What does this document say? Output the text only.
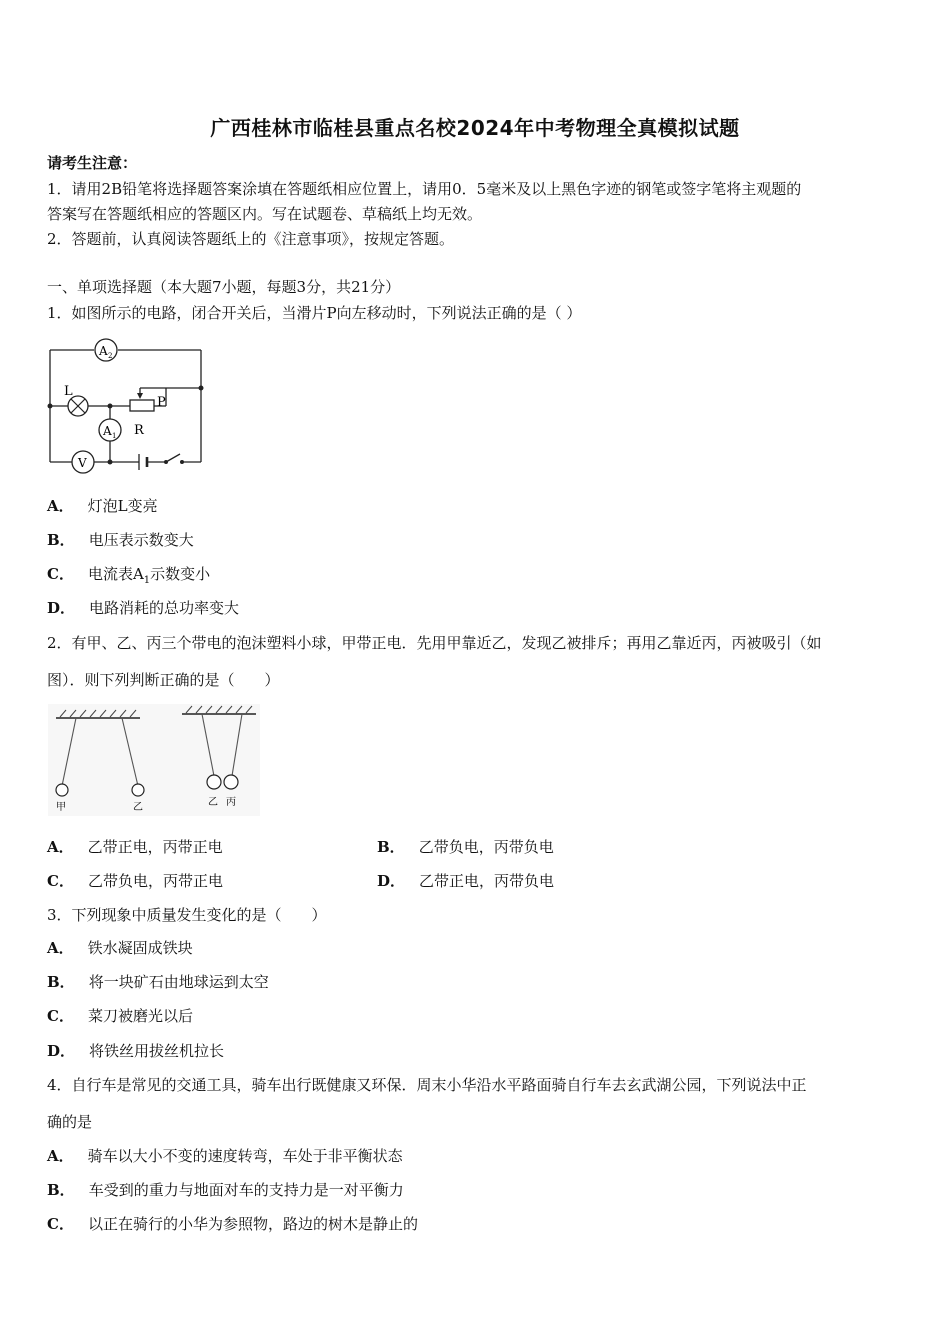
广西桂林市临桂县重点名校2024年中考物理全真模拟试题
请考生注意：
1．请用2B铅笔将选择题答案涂填在答题纸相应位置上，请用0．5毫米及以上黑色字迹的钢笔或签字笔将主观题的
答案写在答题纸相应的答题区内。写在试题卷、草稿纸上均无效。
2．答题前，认真阅读答题纸上的《注意事项》，按规定答题。
一、单项选择题（本大题7小题，每题3分，共21分）
1．如图所示的电路，闭合开关后，当滑片P向左移动时，下列说法正确的是（ ）
A 2
L
P
R
A 1
V
A． 灯泡L变亮
B． 电压表示数变大
C． 电流表$A_1$示数变小
D． 电路消耗的总功率变大
2．有甲、乙、丙三个带电的泡沫塑料小球，甲带正电．先用甲靠近乙，发现乙被排斥；再用乙靠近丙，丙被吸引（如
图）．则下列判断正确的是（　　）
甲	乙	乙 丙
A． 乙带正电，丙带正电	B． 乙带负电，丙带负电
C． 乙带负电，丙带正电	D． 乙带正电，丙带负电
3．下列现象中质量发生变化的是（　　）
A． 铁水凝固成铁块
B． 将一块矿石由地球运到太空
C． 菜刀被磨光以后
D． 将铁丝用拔丝机拉长
4．自行车是常见的交通工具，骑车出行既健康又环保．周末小华沿水平路面骑自行车去玄武湖公园，下列说法中正
确的是
A． 骑车以大小不变的速度转弯，车处于非平衡状态
B． 车受到的重力与地面对车的支持力是一对平衡力
C． 以正在骑行的小华为参照物，路边的树木是静止的
